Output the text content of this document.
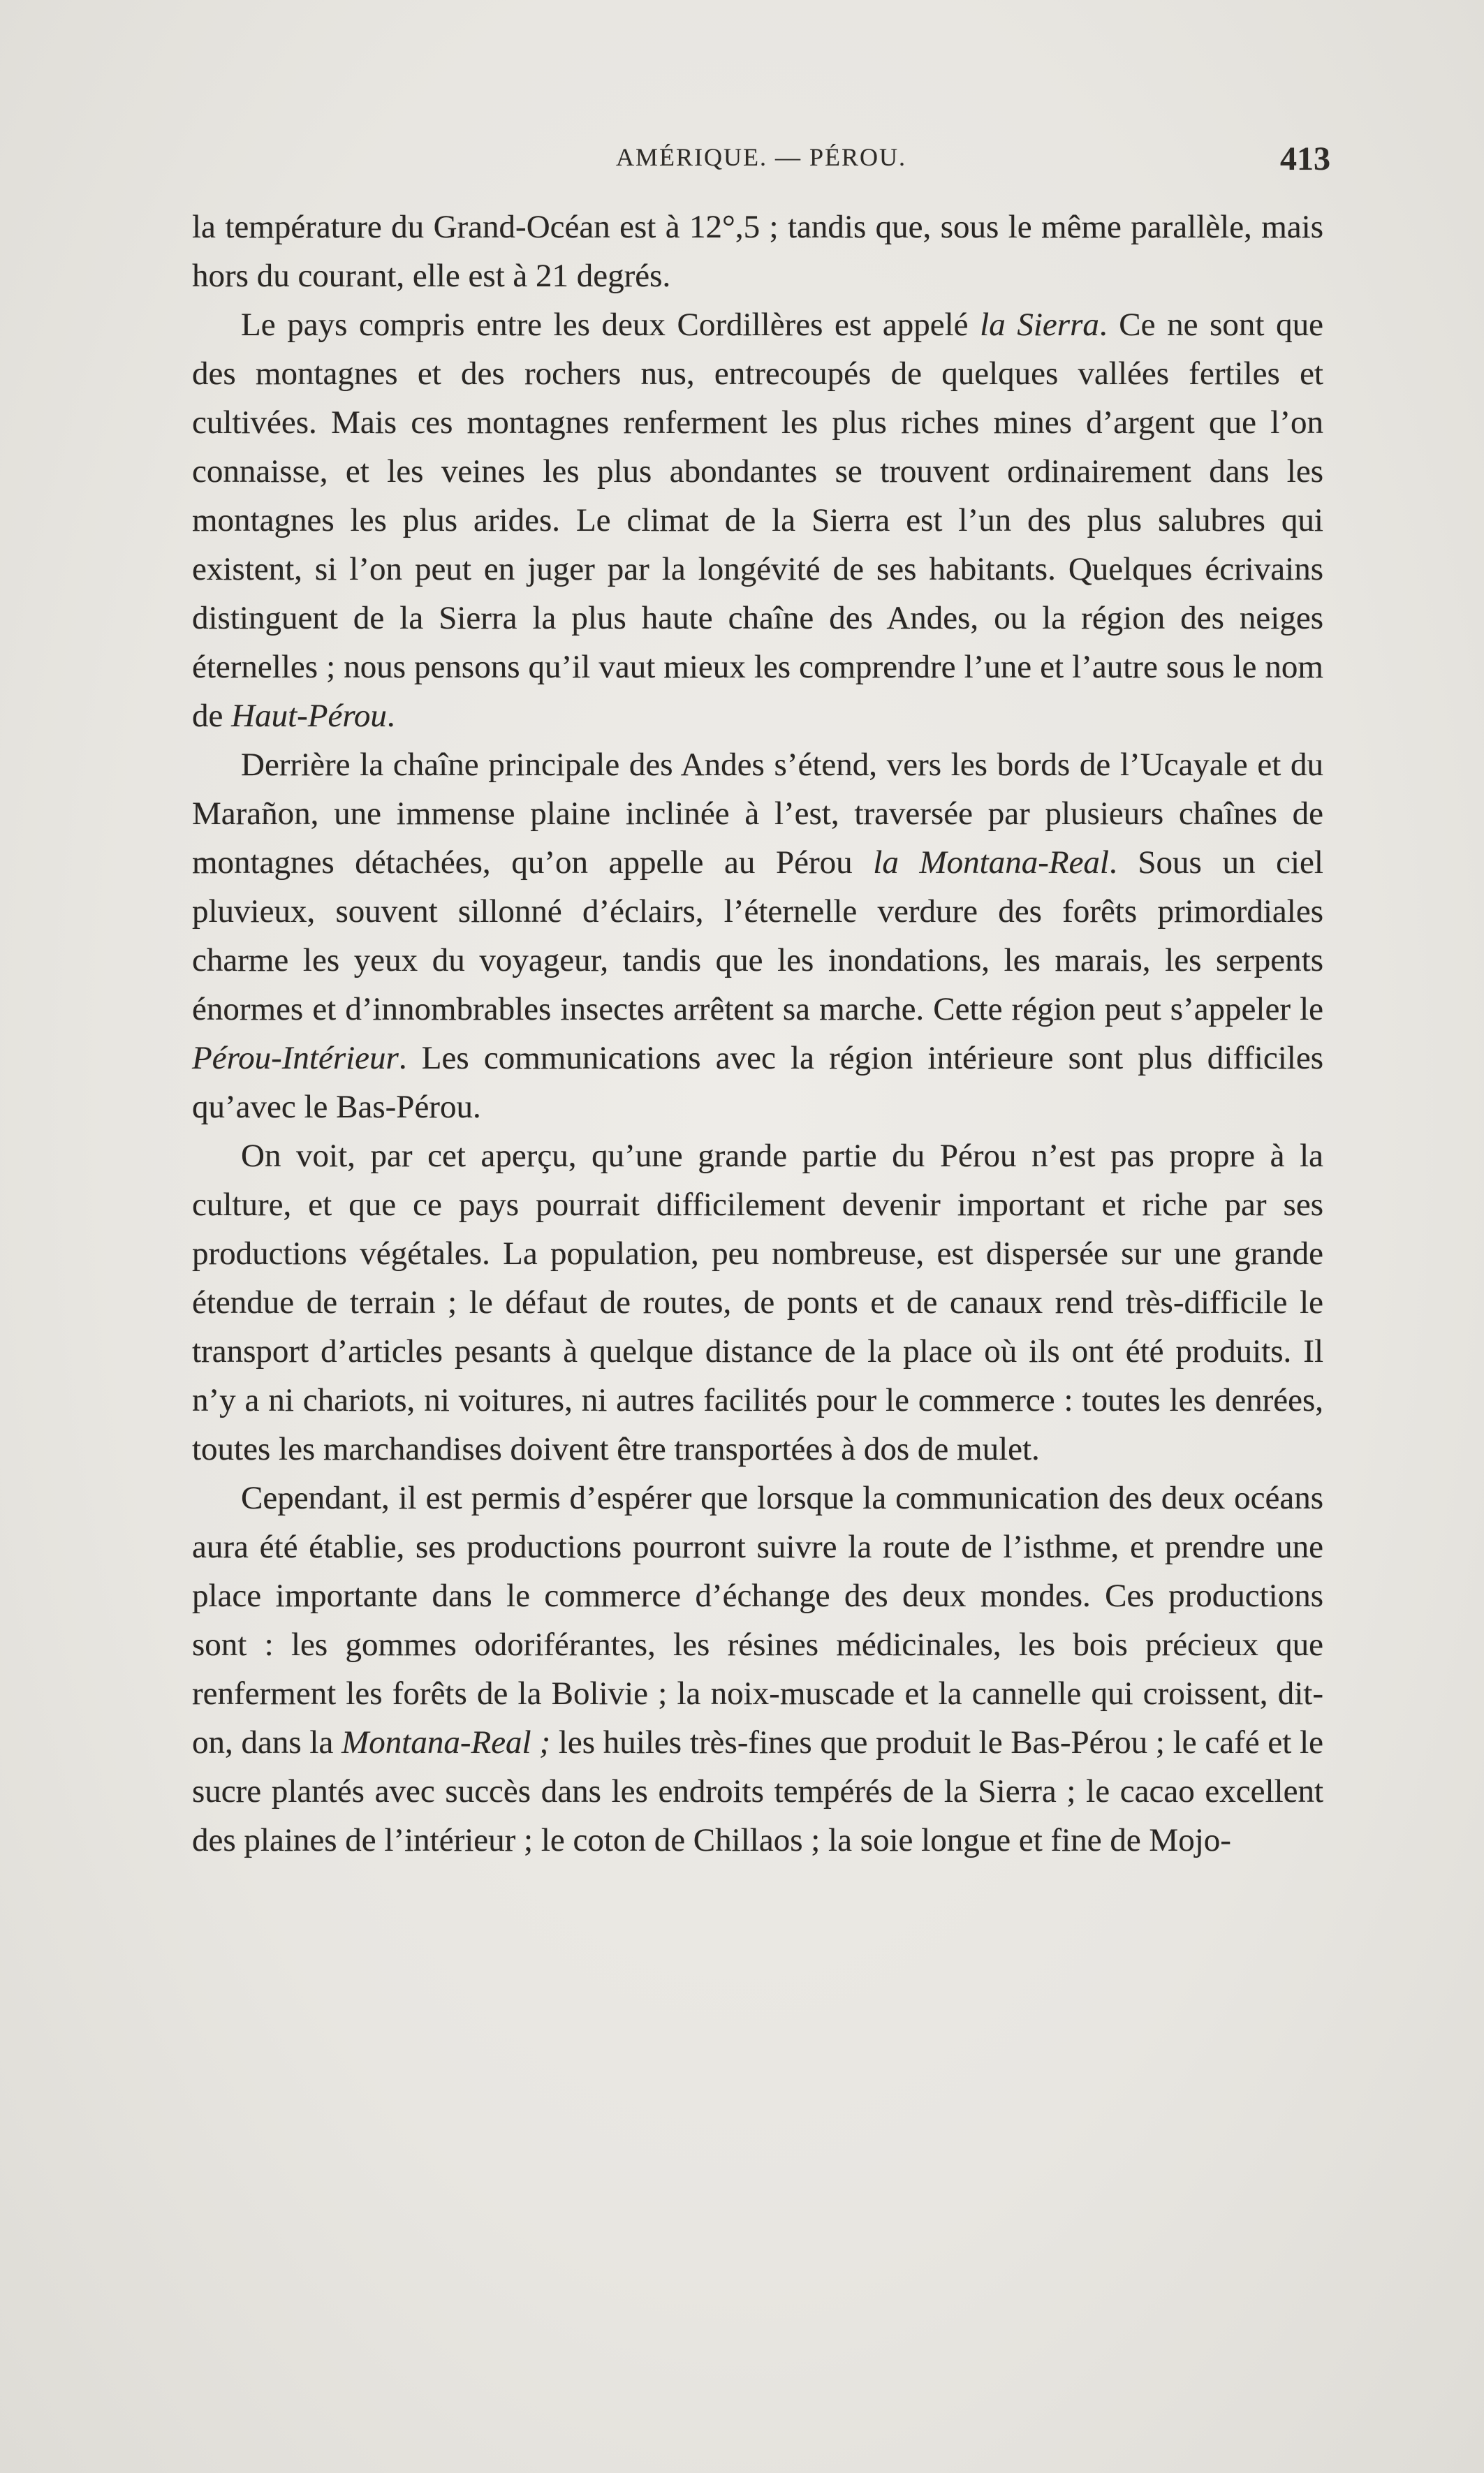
AMÉRIQUE. — PÉROU.	413

la température du Grand-Océan est à 12°,5 ; tandis que, sous le même parallèle, mais hors du courant, elle est à 21 degrés.

Le pays compris entre les deux Cordillères est appelé la Sierra. Ce ne sont que des montagnes et des rochers nus, entrecoupés de quelques vallées fertiles et cultivées. Mais ces montagnes renferment les plus riches mines d’argent que l’on connaisse, et les veines les plus abondantes se trouvent ordinairement dans les montagnes les plus arides. Le climat de la Sierra est l’un des plus salubres qui existent, si l’on peut en juger par la longévité de ses habitants. Quelques écrivains distinguent de la Sierra la plus haute chaîne des Andes, ou la région des neiges éternelles ; nous pensons qu’il vaut mieux les comprendre l’une et l’autre sous le nom de Haut-Pérou.

Derrière la chaîne principale des Andes s’étend, vers les bords de l’Ucayale et du Marañon, une immense plaine inclinée à l’est, traversée par plusieurs chaînes de montagnes détachées, qu’on appelle au Pérou la Montana-Real. Sous un ciel pluvieux, souvent sillonné d’éclairs, l’éternelle verdure des forêts primordiales charme les yeux du voyageur, tandis que les inondations, les marais, les serpents énormes et d’innombrables insectes arrêtent sa marche. Cette région peut s’appeler le Pérou-Intérieur. Les communications avec la région intérieure sont plus difficiles qu’avec le Bas-Pérou.

On voit, par cet aperçu, qu’une grande partie du Pérou n’est pas propre à la culture, et que ce pays pourrait difficilement devenir important et riche par ses productions végétales. La population, peu nombreuse, est dispersée sur une grande étendue de terrain ; le défaut de routes, de ponts et de canaux rend très-difficile le transport d’articles pesants à quelque distance de la place où ils ont été produits. Il n’y a ni chariots, ni voitures, ni autres facilités pour le commerce : toutes les denrées, toutes les marchandises doivent être transportées à dos de mulet.

Cependant, il est permis d’espérer que lorsque la communication des deux océans aura été établie, ses productions pourront suivre la route de l’isthme, et prendre une place importante dans le commerce d’échange des deux mondes. Ces productions sont : les gommes odoriférantes, les résines médicinales, les bois précieux que renferment les forêts de la Bolivie ; la noix-muscade et la cannelle qui croissent, dit-on, dans la Montana-Real ; les huiles très-fines que produit le Bas-Pérou ; le café et le sucre plantés avec succès dans les endroits tempérés de la Sierra ; le cacao excellent des plaines de l’intérieur ; le coton de Chillaos ; la soie longue et fine de Mojo-
